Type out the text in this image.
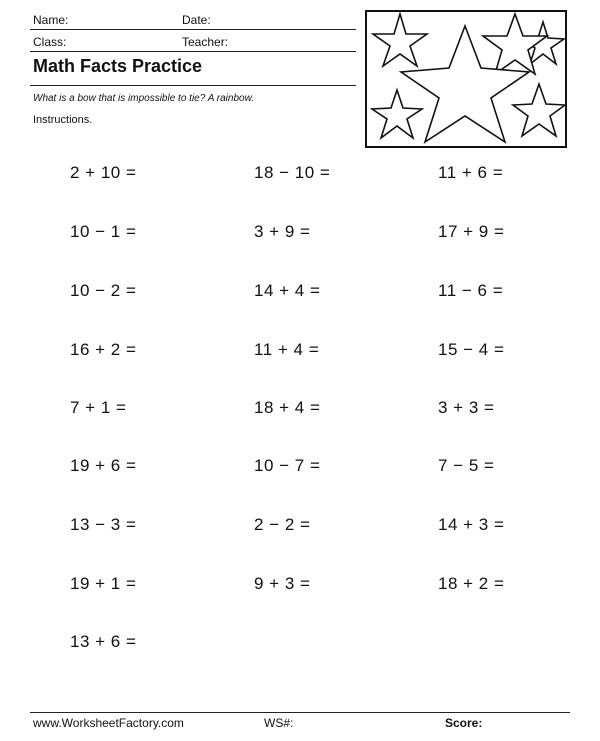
Name:	Date:
Class:	Teacher:
Math Facts Practice
What is a bow that is impossible to tie? A rainbow.
Instructions.
2 + 10 =
10 − 1 =
10 − 2 =
16 + 2 =
7 + 1 =
19 + 6 =
13 − 3 =
19 + 1 =
13 + 6 =
18 − 10 =
3 + 9 =
14 + 4 =
11 + 4 =
18 + 4 =
10 − 7 =
2 − 2 =
9 + 3 =
11 + 6 =
17 + 9 =
11 − 6 =
15 − 4 =
3 + 3 =
7 − 5 =
14 + 3 =
18 + 2 =
www.WorksheetFactory.com	WS#:	Score:
